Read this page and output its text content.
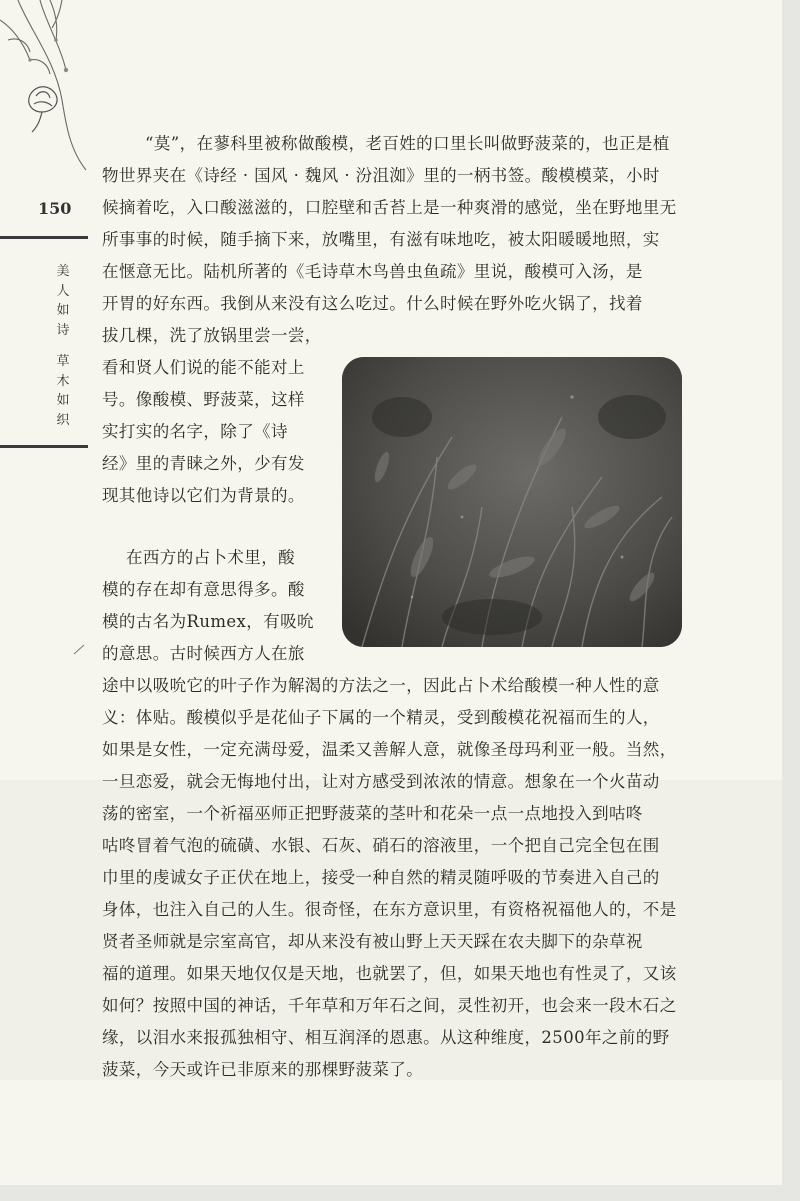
150
美
人
如
诗
草
木
如
织
“莫”，在蓼科里被称做酸模，老百姓的口里长叫做野菠菜的，也正是植
物世界夹在《诗经 · 国风 · 魏风 · 汾沮洳》里的一柄书签。酸模模菜，小时
候摘着吃，入口酸滋滋的，口腔壁和舌苔上是一种爽滑的感觉，坐在野地里无
所事事的时候，随手摘下来，放嘴里，有滋有味地吃，被太阳暖暖地照，实
在惬意无比。陆机所著的《毛诗草木鸟兽虫鱼疏》里说，酸模可入汤，是
开胃的好东西。我倒从来没有这么吃过。什么时候在野外吃火锅了，找着
拔几棵，洗了放锅里尝一尝，
看和贤人们说的能不能对上
号。像酸模、野菠菜，这样
实打实的名字，除了《诗
经》里的青睐之外，少有发
现其他诗以它们为背景的。
在西方的占卜术里，酸
模的存在却有意思得多。酸
模的古名为Rumex，有吸吮
的意思。古时候西方人在旅
途中以吸吮它的叶子作为解渴的方法之一，因此占卜术给酸模一种人性的意
义：体贴。酸模似乎是花仙子下属的一个精灵，受到酸模花祝福而生的人，
如果是女性，一定充满母爱，温柔又善解人意，就像圣母玛利亚一般。当然，
一旦恋爱，就会无悔地付出，让对方感受到浓浓的情意。想象在一个火苗动
荡的密室，一个祈福巫师正把野菠菜的茎叶和花朵一点一点地投入到咕咚
咕咚冒着气泡的硫磺、水银、石灰、硝石的溶液里，一个把自己完全包在围
巾里的虔诚女子正伏在地上，接受一种自然的精灵随呼吸的节奏进入自己的
身体，也注入自己的人生。很奇怪，在东方意识里，有资格祝福他人的，不是
贤者圣师就是宗室高官，却从来没有被山野上天天踩在农夫脚下的杂草祝
福的道理。如果天地仅仅是天地，也就罢了，但，如果天地也有性灵了，又该
如何？按照中国的神话，千年草和万年石之间，灵性初开，也会来一段木石之
缘，以泪水来报孤独相守、相互润泽的恩惠。从这种维度，2500年之前的野
菠菜，今天或许已非原来的那棵野菠菜了。
